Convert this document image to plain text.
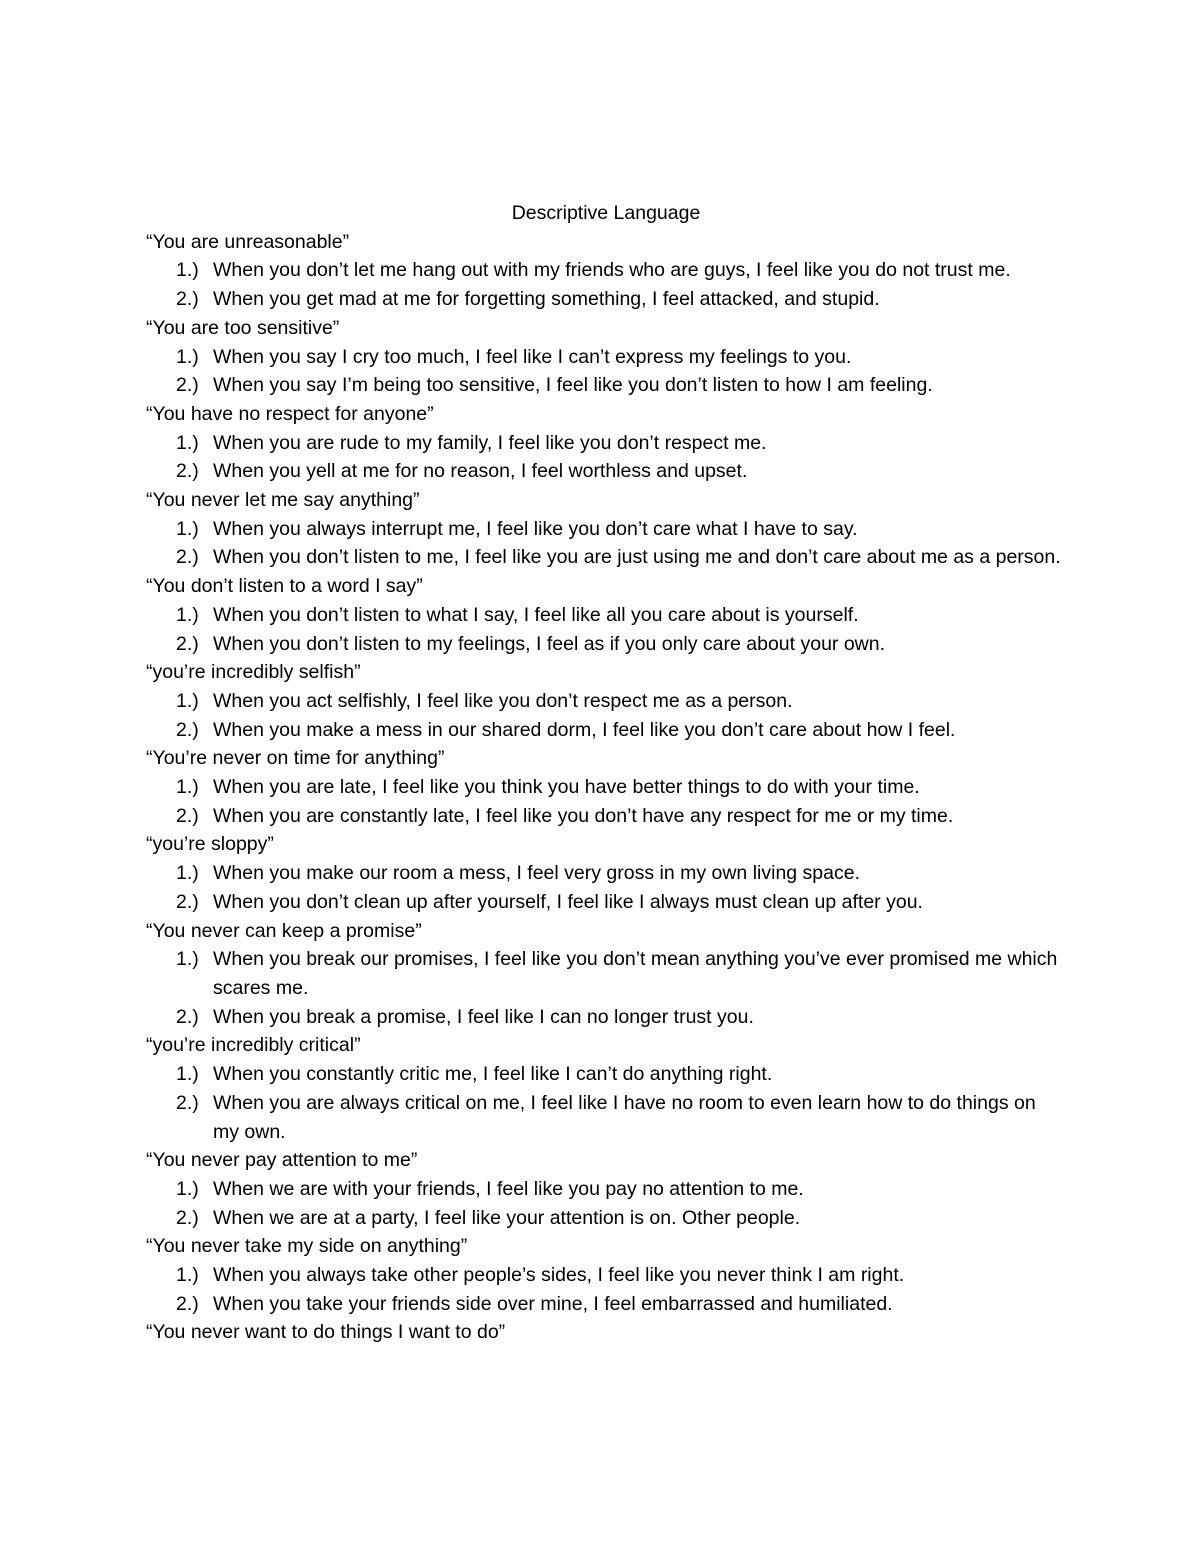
Descriptive Language

“You are unreasonable”

1.) When you don’t let me hang out with my friends who are guys, I feel like you do not trust me.
2.) When you get mad at me for forgetting something, I feel attacked, and stupid.

“You are too sensitive”

1.) When you say I cry too much, I feel like I can’t express my feelings to you.
2.) When you say I’m being too sensitive, I feel like you don’t listen to how I am feeling.

“You have no respect for anyone”

1.) When you are rude to my family, I feel like you don’t respect me.
2.) When you yell at me for no reason, I feel worthless and upset.

“You never let me say anything”

1.) When you always interrupt me, I feel like you don’t care what I have to say.
2.) When you don’t listen to me, I feel like you are just using me and don’t care about me as a person.

“You don’t listen to a word I say”

1.) When you don’t listen to what I say, I feel like all you care about is yourself.
2.) When you don’t listen to my feelings, I feel as if you only care about your own.

“you’re incredibly selfish”

1.) When you act selfishly, I feel like you don’t respect me as a person.
2.) When you make a mess in our shared dorm, I feel like you don’t care about how I feel.

“You’re never on time for anything”

1.) When you are late, I feel like you think you have better things to do with your time.
2.) When you are constantly late, I feel like you don’t have any respect for me or my time.

“you’re sloppy”

1.) When you make our room a mess, I feel very gross in my own living space.
2.) When you don’t clean up after yourself, I feel like I always must clean up after you.

“You never can keep a promise”

1.) When you break our promises, I feel like you don’t mean anything you’ve ever promised me which scares me.
2.) When you break a promise, I feel like I can no longer trust you.

“you’re incredibly critical”

1.) When you constantly critic me, I feel like I can’t do anything right.
2.) When you are always critical on me, I feel like I have no room to even learn how to do things on my own.

“You never pay attention to me”

1.) When we are with your friends, I feel like you pay no attention to me.
2.) When we are at a party, I feel like your attention is on. Other people.

“You never take my side on anything”

1.) When you always take other people’s sides, I feel like you never think I am right.
2.) When you take your friends side over mine, I feel embarrassed and humiliated.

“You never want to do things I want to do”
